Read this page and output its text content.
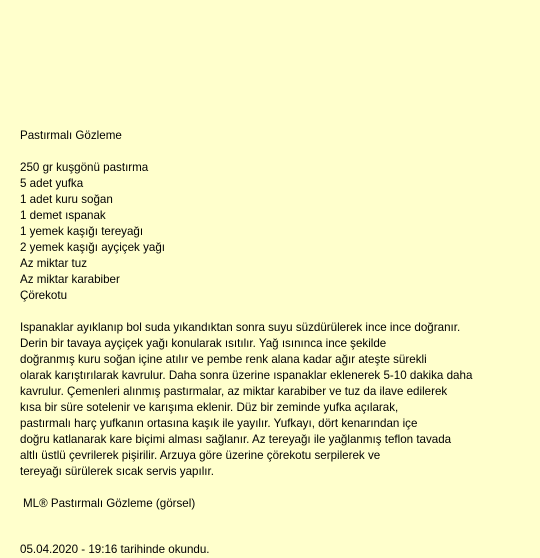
Pastırmalı Gözleme
250 gr kuşgönü pastırma
5 adet yufka
1 adet kuru soğan
1 demet ıspanak
1 yemek kaşığı tereyağı
2 yemek kaşığı ayçiçek yağı
Az miktar tuz
Az miktar karabiber
Çörekotu
Ispanaklar ayıklanıp bol suda yıkandıktan sonra suyu süzdürülerek ince ince doğranır.
Derin bir tavaya ayçiçek yağı konularak ısıtılır. Yağ ısınınca ince şekilde
doğranmış kuru soğan içine atılır ve pembe renk alana kadar ağır ateşte sürekli
olarak karıştırılarak kavrulur. Daha sonra üzerine ıspanaklar eklenerek 5-10 dakika daha
kavrulur. Çemenleri alınmış pastırmalar, az miktar karabiber ve tuz da ilave edilerek
kısa bir süre sotelenir ve karışıma eklenir. Düz bir zeminde yufka açılarak,
pastırmalı harç yufkanın ortasına kaşık ile yayılır. Yufkayı, dört kenarından içe
doğru katlanarak kare biçimi alması sağlanır. Az tereyağı ile yağlanmış teflon tavada
altlı üstlü çevrilerek pişirilir. Arzuya göre üzerine çörekotu serpilerek ve
tereyağı sürülerek sıcak servis yapılır.
ML® Pastırmalı Gözleme (görsel)
05.04.2020 - 19:16 tarihinde okundu.
